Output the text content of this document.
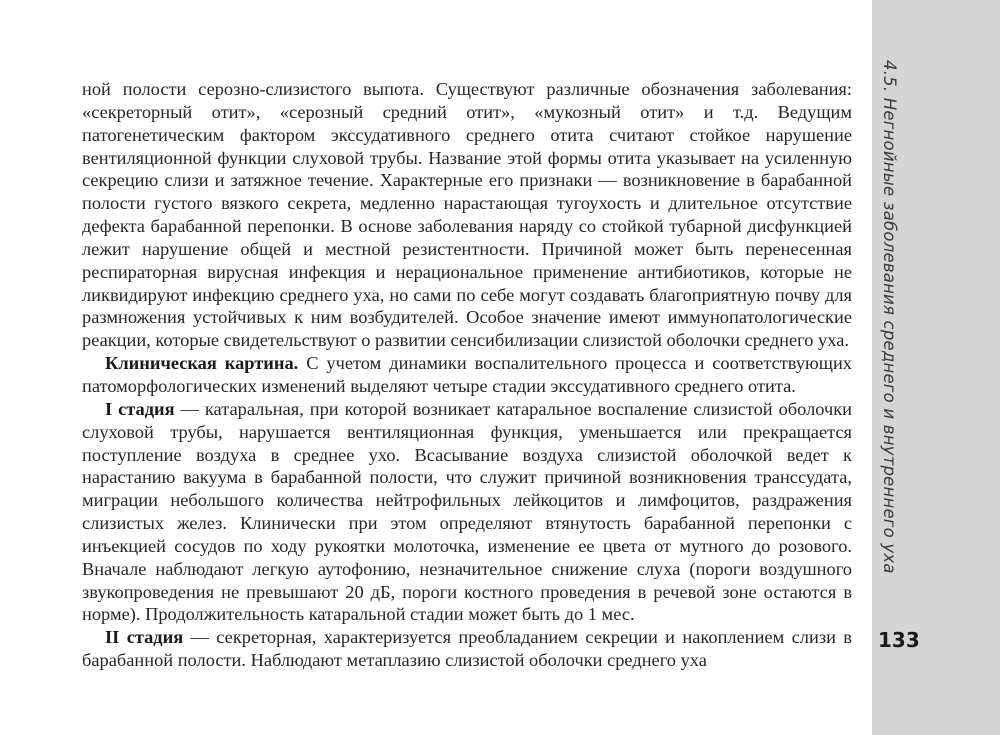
ной полости серозно-слизистого выпота. Существуют различные обозначения заболевания: «секреторный отит», «серозный средний отит», «мукозный отит» и т.д. Ведущим патогенетическим фактором экссудативного среднего отита считают стойкое нарушение вентиляционной функции слуховой трубы. Название этой формы отита указывает на усиленную секрецию слизи и затяжное течение. Характерные его признаки — возникновение в барабанной полости густого вязкого секрета, медленно нарастающая тугоухость и длительное отсутствие дефекта барабанной перепонки. В основе заболевания наряду со стойкой тубарной дисфункцией лежит нарушение общей и местной резистентности. Причиной может быть перенесенная респираторная вирусная инфекция и нерациональное применение антибиотиков, которые не ликвидируют инфекцию среднего уха, но сами по себе могут создавать благоприятную почву для размножения устойчивых к ним возбудителей. Особое значение имеют иммунопатологические реакции, которые свидетельствуют о развитии сенсибилизации слизистой оболочки среднего уха.

Клиническая картина. С учетом динамики воспалительного процесса и соответствующих патоморфологических изменений выделяют четыре стадии экссудативного среднего отита.

I стадия — катаральная, при которой возникает катаральное воспаление слизистой оболочки слуховой трубы, нарушается вентиляционная функция, уменьшается или прекращается поступление воздуха в среднее ухо. Всасывание воздуха слизистой оболочкой ведет к нарастанию вакуума в барабанной полости, что служит причиной возникновения транссудата, миграции небольшого количества нейтрофильных лейкоцитов и лимфоцитов, раздражения слизистых желез. Клинически при этом определяют втянутость барабанной перепонки с инъекцией сосудов по ходу рукоятки молоточка, изменение ее цвета от мутного до розового. Вначале наблюдают легкую аутофонию, незначительное снижение слуха (пороги воздушного звукопроведения не превышают 20 дБ, пороги костного проведения в речевой зоне остаются в норме). Продолжительность катаральной стадии может быть до 1 мес.

II стадия — секреторная, характеризуется преобладанием секреции и накоплением слизи в барабанной полости. Наблюдают метаплазию слизистой оболочки среднего уха

4.5. Негнойные заболевания среднего и внутреннего уха
133
